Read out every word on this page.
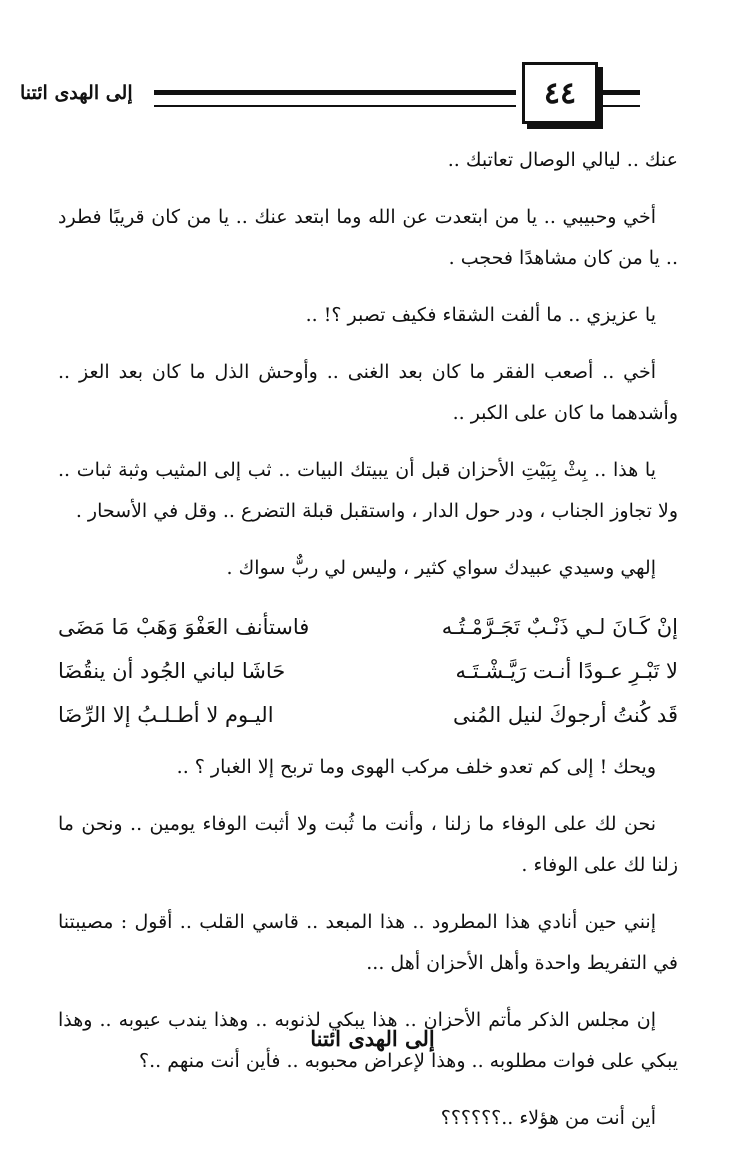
٤٤
إلى الهدى ائتنا

عنك .. ليالي الوصال تعاتبك ..

أخي وحبيبي .. يا من ابتعدت عن الله وما ابتعد عنك .. يا من كان قريبًا فطرد .. يا من كان مشاهدًا فحجب .

يا عزيزي .. ما ألفت الشقاء فكيف تصبر ؟! ..

أخي .. أصعب الفقر ما كان بعد الغنى .. وأوحش الذل ما كان بعد العز .. وأشدهما ما كان على الكبر ..

يا هذا .. بِثْ بِبَيْتِ الأحزان قبل أن يبيتك البيات .. ثب إلى المثيب وثبة ثبات .. ولا تجاوز الجناب ، ودر حول الدار ، واستقبل قبلة التضرع .. وقل في الأسحار .

إلهي وسيدي عبيدك سواي كثير ، وليس لي ربٌّ سواك .

إنْ كَـانَ لـي ذَنْـبٌ تَجَـرَّمْـتُـه
فاستأنف العَفْوَ وَهَبْ مَا مَضَى
لا تَبْـرِ عـودًا أنـت رَيَّـشْـتَـه
حَاشَا لباني الجُود أن ينقُضَا
قَد كُنتُ أرجوكَ لنيل المُنى
اليـوم لا أطـلـبُ إلا الرِّضَا

ويحك ! إلى كم تعدو خلف مركب الهوى وما تربح إلا الغبار ؟ ..

نحن لك على الوفاء ما زلنا ، وأنت ما ثُبت ولا أثبت الوفاء يومين .. ونحن ما زلنا لك على الوفاء .

إنني حين أنادي هذا المطرود .. هذا المبعد .. قاسي القلب .. أقول : مصيبتنا في التفريط واحدة وأهل الأحزان أهل ...

إن مجلس الذكر مأتم الأحزان .. هذا يبكي لذنوبه .. وهذا يندب عيوبه .. وهذا يبكي على فوات مطلوبه .. وهذا لإعراض محبوبه .. فأين أنت منهم ..؟

أين أنت من هؤلاء ..؟؟؟؟؟؟

إلى الهدى ائتنا
